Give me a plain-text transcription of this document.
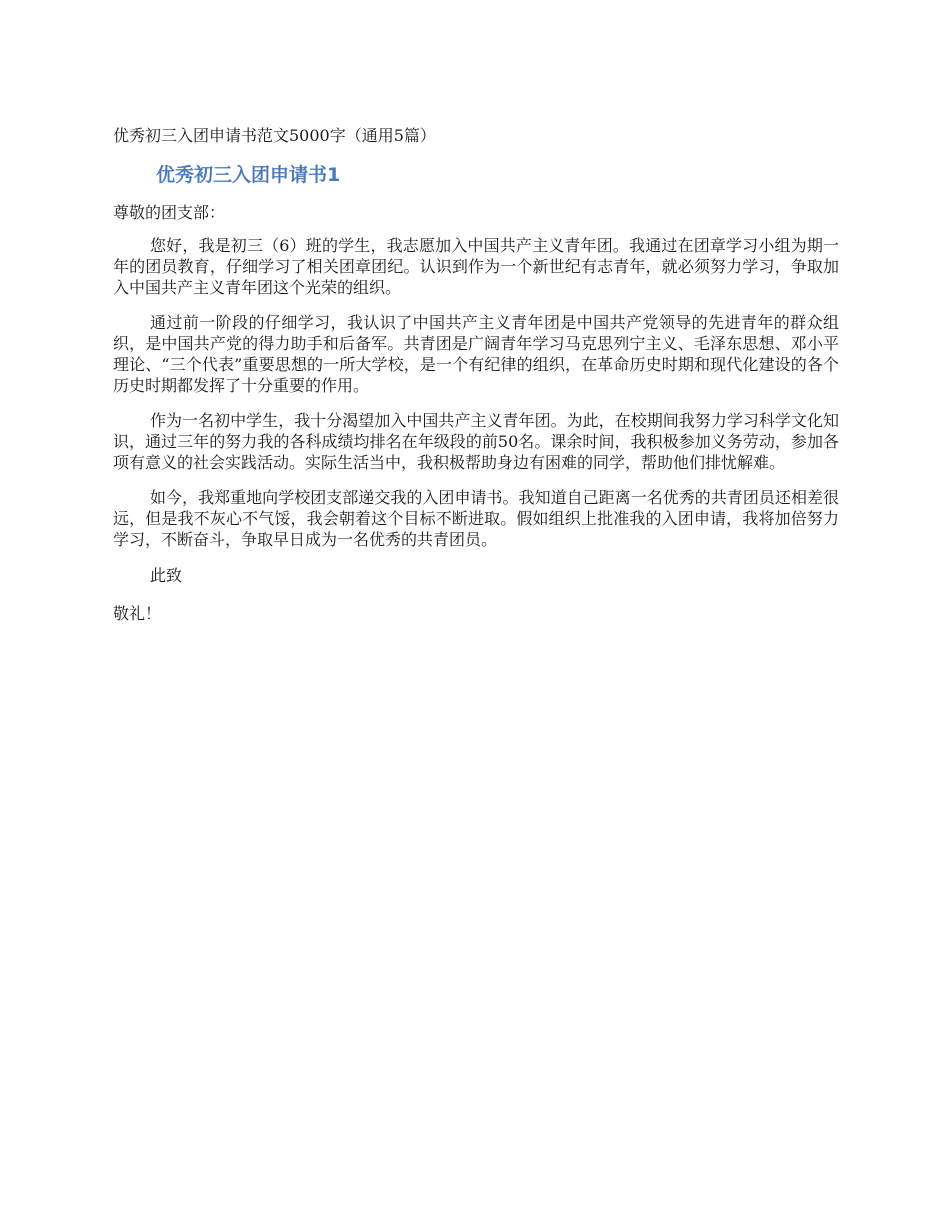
优秀初三入团申请书范文5000字（通用5篇）
优秀初三入团申请书1
尊敬的团支部：

您好，我是初三（6）班的学生，我志愿加入中国共产主义青年团。我通过在团章学习小组为期一年的团员教育，仔细学习了相关团章团纪。认识到作为一个新世纪有志青年，就必须努力学习，争取加入中国共产主义青年团这个光荣的组织。

通过前一阶段的仔细学习，我认识了中国共产主义青年团是中国共产党领导的先进青年的群众组织，是中国共产党的得力助手和后备军。共青团是广阔青年学习马克思列宁主义、毛泽东思想、邓小平理论、“三个代表”重要思想的一所大学校，是一个有纪律的组织，在革命历史时期和现代化建设的各个历史时期都发挥了十分重要的作用。

作为一名初中学生，我十分渴望加入中国共产主义青年团。为此，在校期间我努力学习科学文化知识，通过三年的努力我的各科成绩均排名在年级段的前50名。课余时间，我积极参加义务劳动，参加各项有意义的社会实践活动。实际生活当中，我积极帮助身边有困难的同学，帮助他们排忧解难。

如今，我郑重地向学校团支部递交我的入团申请书。我知道自己距离一名优秀的共青团员还相差很远，但是我不灰心不气馁，我会朝着这个目标不断进取。假如组织上批准我的入团申请，我将加倍努力学习，不断奋斗，争取早日成为一名优秀的共青团员。

此致
敬礼！
